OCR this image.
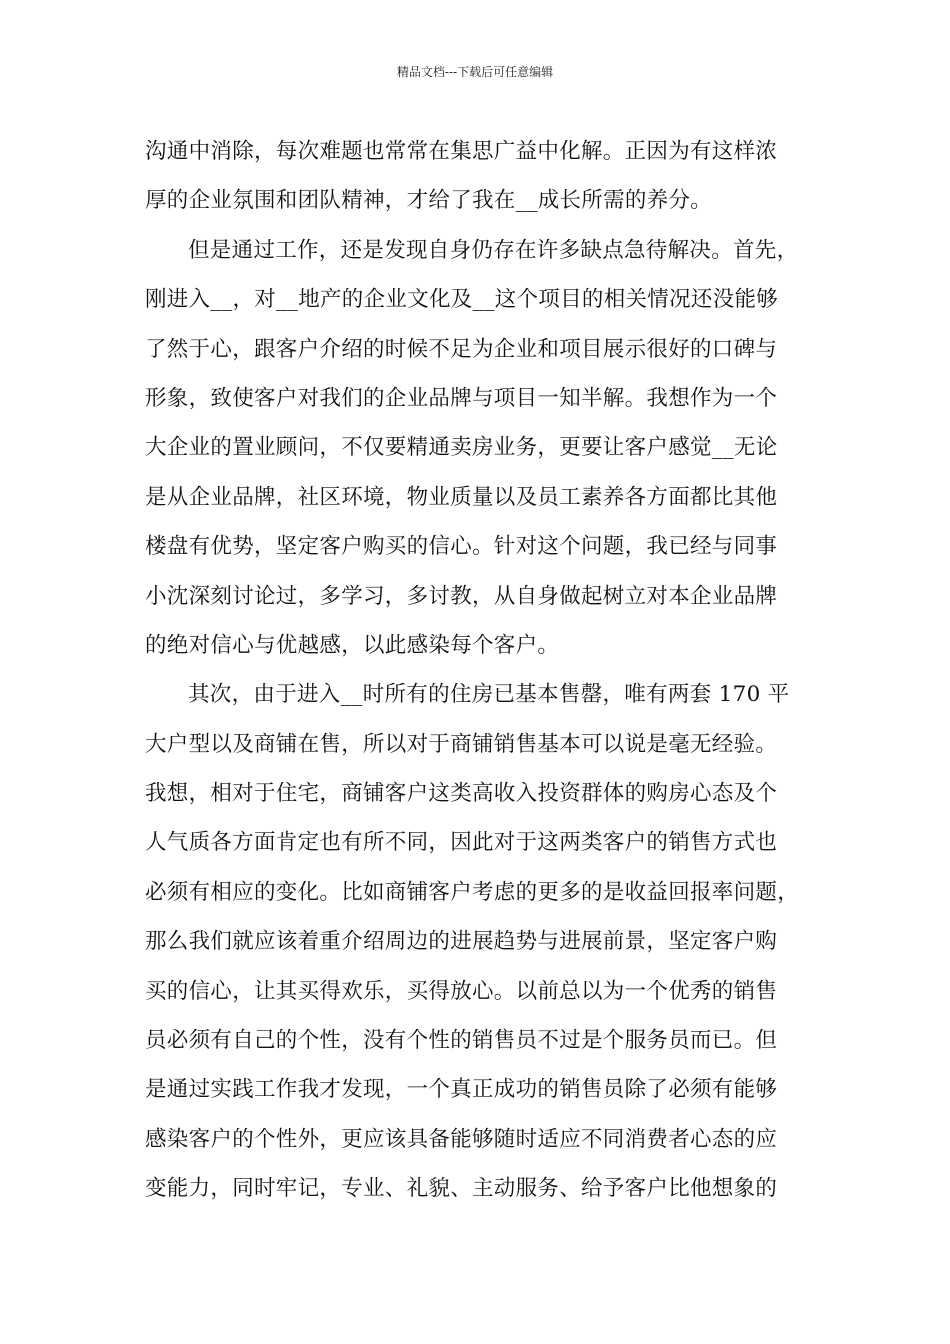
精品文档---下载后可任意编辑
沟通中消除，每次难题也常常在集思广益中化解。正因为有这样浓
厚的企业氛围和团队精神，才给了我在__成长所需的养分。
但是通过工作，还是发现自身仍存在许多缺点急待解决。首先，
刚进入__，对__地产的企业文化及__这个项目的相关情况还没能够
了然于心，跟客户介绍的时候不足为企业和项目展示很好的口碑与
形象，致使客户对我们的企业品牌与项目一知半解。我想作为一个
大企业的置业顾问，不仅要精通卖房业务，更要让客户感觉__无论
是从企业品牌，社区环境，物业质量以及员工素养各方面都比其他
楼盘有优势，坚定客户购买的信心。针对这个问题，我已经与同事
小沈深刻讨论过，多学习，多讨教，从自身做起树立对本企业品牌
的绝对信心与优越感，以此感染每个客户。
其次，由于进入__时所有的住房已基本售罄，唯有两套 170 平
大户型以及商铺在售，所以对于商铺销售基本可以说是毫无经验。
我想，相对于住宅，商铺客户这类高收入投资群体的购房心态及个
人气质各方面肯定也有所不同，因此对于这两类客户的销售方式也
必须有相应的变化。比如商铺客户考虑的更多的是收益回报率问题，
那么我们就应该着重介绍周边的进展趋势与进展前景，坚定客户购
买的信心，让其买得欢乐，买得放心。以前总以为一个优秀的销售
员必须有自己的个性，没有个性的销售员不过是个服务员而已。但
是通过实践工作我才发现，一个真正成功的销售员除了必须有能够
感染客户的个性外，更应该具备能够随时适应不同消费者心态的应
变能力，同时牢记，专业、礼貌、主动服务、给予客户比他想象的
